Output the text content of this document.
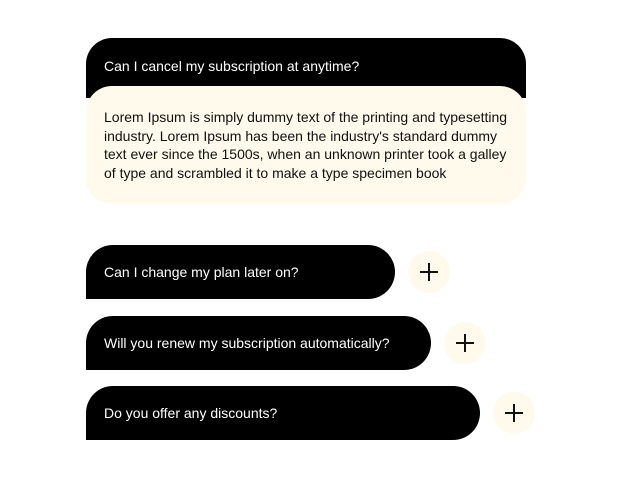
Can I cancel my subscription at anytime?
Lorem Ipsum is simply dummy text of the printing and typesetting industry. Lorem Ipsum has been the industry's standard dummy text ever since the 1500s, when an unknown printer took a galley of type and scrambled it to make a type specimen book
Can I change my plan later on?
Will you renew my subscription automatically?
Do you offer any discounts?
